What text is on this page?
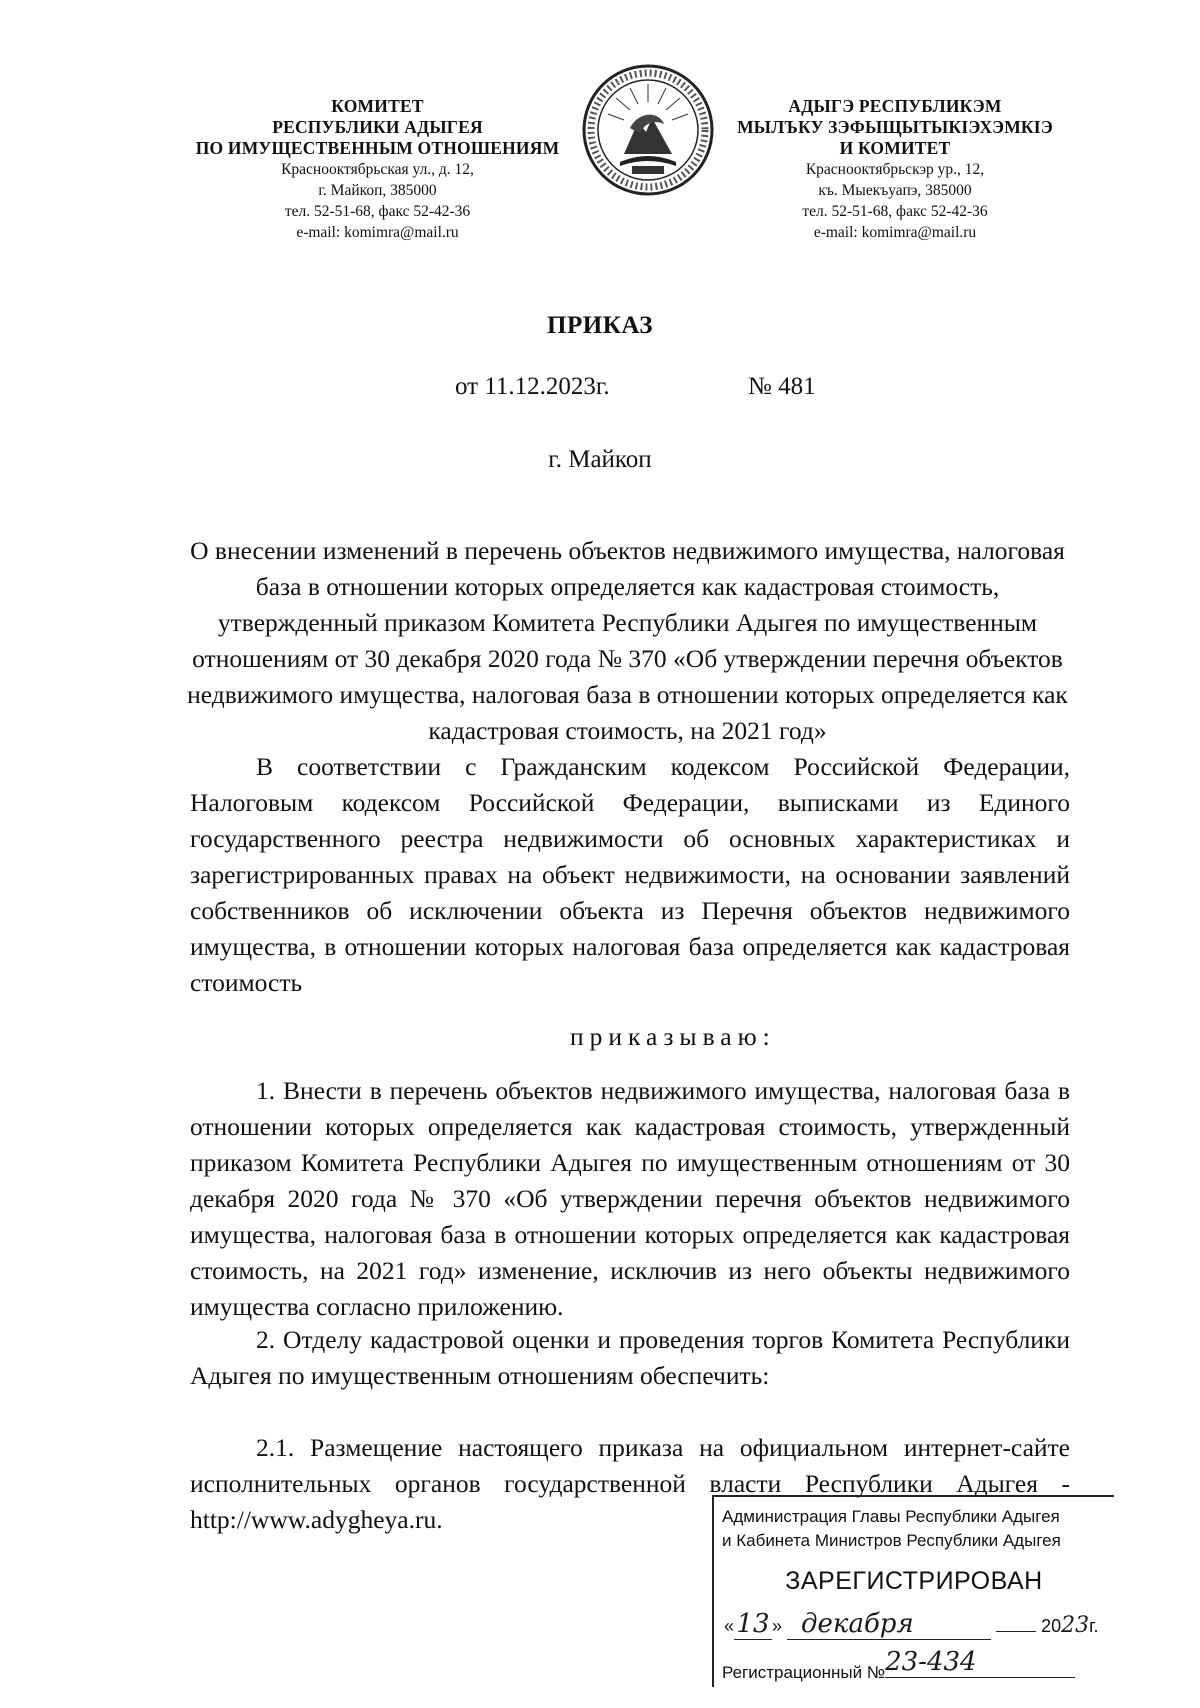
КОМИТЕТ
РЕСПУБЛИКИ АДЫГЕЯ
ПО ИМУЩЕСТВЕННЫМ ОТНОШЕНИЯМ
Краснооктябрьская ул., д. 12,
г. Майкоп, 385000
тел. 52-51-68, факс 52-42-36
e-mail: komimra@mail.ru
АДЫГЭ РЕСПУБЛИКЭМ
МЫЛЪКУ ЗЭФЫЩЫТЫКIЭХЭМКIЭ
И КОМИТЕТ
Краснооктябрьскэр ур., 12,
къ. Мыекъуапэ, 385000
тел. 52-51-68, факс 52-42-36
e-mail: komimra@mail.ru
ПРИКАЗ
от 11.12.2023г.	№ 481
г. Майкоп
О внесении изменений в перечень объектов недвижимого имущества, налоговая база в отношении которых определяется как кадастровая стоимость, утвержденный приказом Комитета Республики Адыгея по имущественным отношениям от 30 декабря 2020 года № 370 «Об утверждении перечня объектов недвижимого имущества, налоговая база в отношении которых определяется как кадастровая стоимость, на 2021 год»
В соответствии с Гражданским кодексом Российской Федерации, Налоговым кодексом Российской Федерации, выписками из Единого государственного реестра недвижимости об основных характеристиках и зарегистрированных правах на объект недвижимости, на основании заявлений собственников об исключении объекта из Перечня объектов недвижимого имущества, в отношении которых налоговая база определяется как кадастровая стоимость
приказываю:
1. Внести в перечень объектов недвижимого имущества, налоговая база в отношении которых определяется как кадастровая стоимость, утвержденный приказом Комитета Республики Адыгея по имущественным отношениям от 30 декабря 2020 года № 370 «Об утверждении перечня объектов недвижимого имущества, налоговая база в отношении которых определяется как кадастровая стоимость, на 2021 год» изменение, исключив из него объекты недвижимого имущества согласно приложению.
2. Отделу кадастровой оценки и проведения торгов Комитета Республики Адыгея по имущественным отношениям обеспечить:
2.1. Размещение настоящего приказа на официальном интернет-сайте исполнительных органов государственной власти Республики Адыгея - http://www.adygheya.ru.	Администрация Главы Республики Адыгея
и Кабинета Министров Республики Адыгея
ЗАРЕГИСТРИРОВАН
«13 » декабря	2023г.
Регистрационный №23-434
